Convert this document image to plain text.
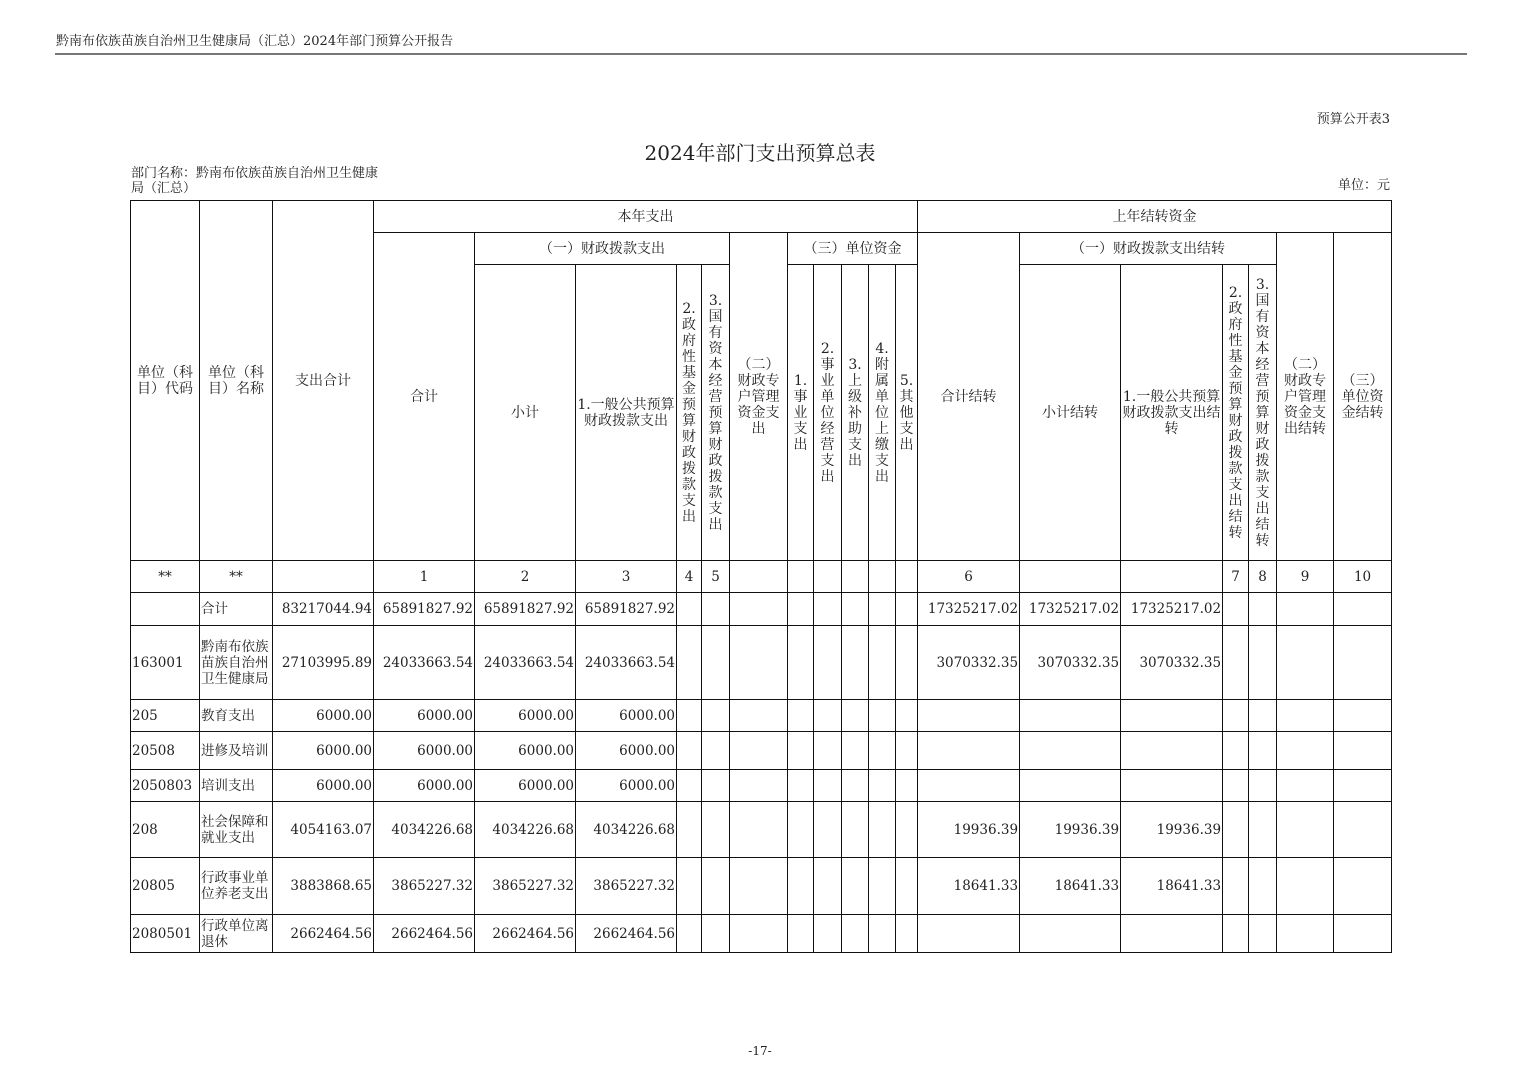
黔南布依族苗族自治州卫生健康局（汇总）2024年部门预算公开报告
预算公开表3
2024年部门支出预算总表
部门名称：黔南布依族苗族自治州卫生健康局（汇总）	单位：元
单位（科目）代码	单位（科目）名称	支出合计	本年支出											上年结转资金						
			合计	（一）财政拨款支出				（二）财政专户管理资金支出	（三）单位资金					合计结转	（一）财政拨款支出结转				（二）财政专户管理资金支出结转	（三）单位资金结转
				小计	1.一般公共预算财政拨款支出	2.政府性基金预算财政拨款支出	3.国有资本经营预算财政拨款支出		1.事业支出	2.事业单位经营支出	3.上级补助支出	4.附属单位上缴支出	5.其他支出		小计结转	1.一般公共预算财政拨款支出结转	2.政府性基金预算财政拨款支出结转	3.国有资本经营预算财政拨款支出结转		
**	**		1	2	3	4	5							6			7	8	9	10
	合计	83217044.94	65891827.92	65891827.92	65891827.92									17325217.02	17325217.02	17325217.02				
163001	黔南布依族苗族自治州卫生健康局	27103995.89	24033663.54	24033663.54	24033663.54									3070332.35	3070332.35	3070332.35				
205	教育支出	6000.00	6000.00	6000.00	6000.00															
20508	进修及培训	6000.00	6000.00	6000.00	6000.00															
2050803	培训支出	6000.00	6000.00	6000.00	6000.00															
208	社会保障和就业支出	4054163.07	4034226.68	4034226.68	4034226.68									19936.39	19936.39	19936.39				
20805	行政事业单位养老支出	3883868.65	3865227.32	3865227.32	3865227.32									18641.33	18641.33	18641.33				
2080501	行政单位离退休	2662464.56	2662464.56	2662464.56	2662464.56															
-17-
